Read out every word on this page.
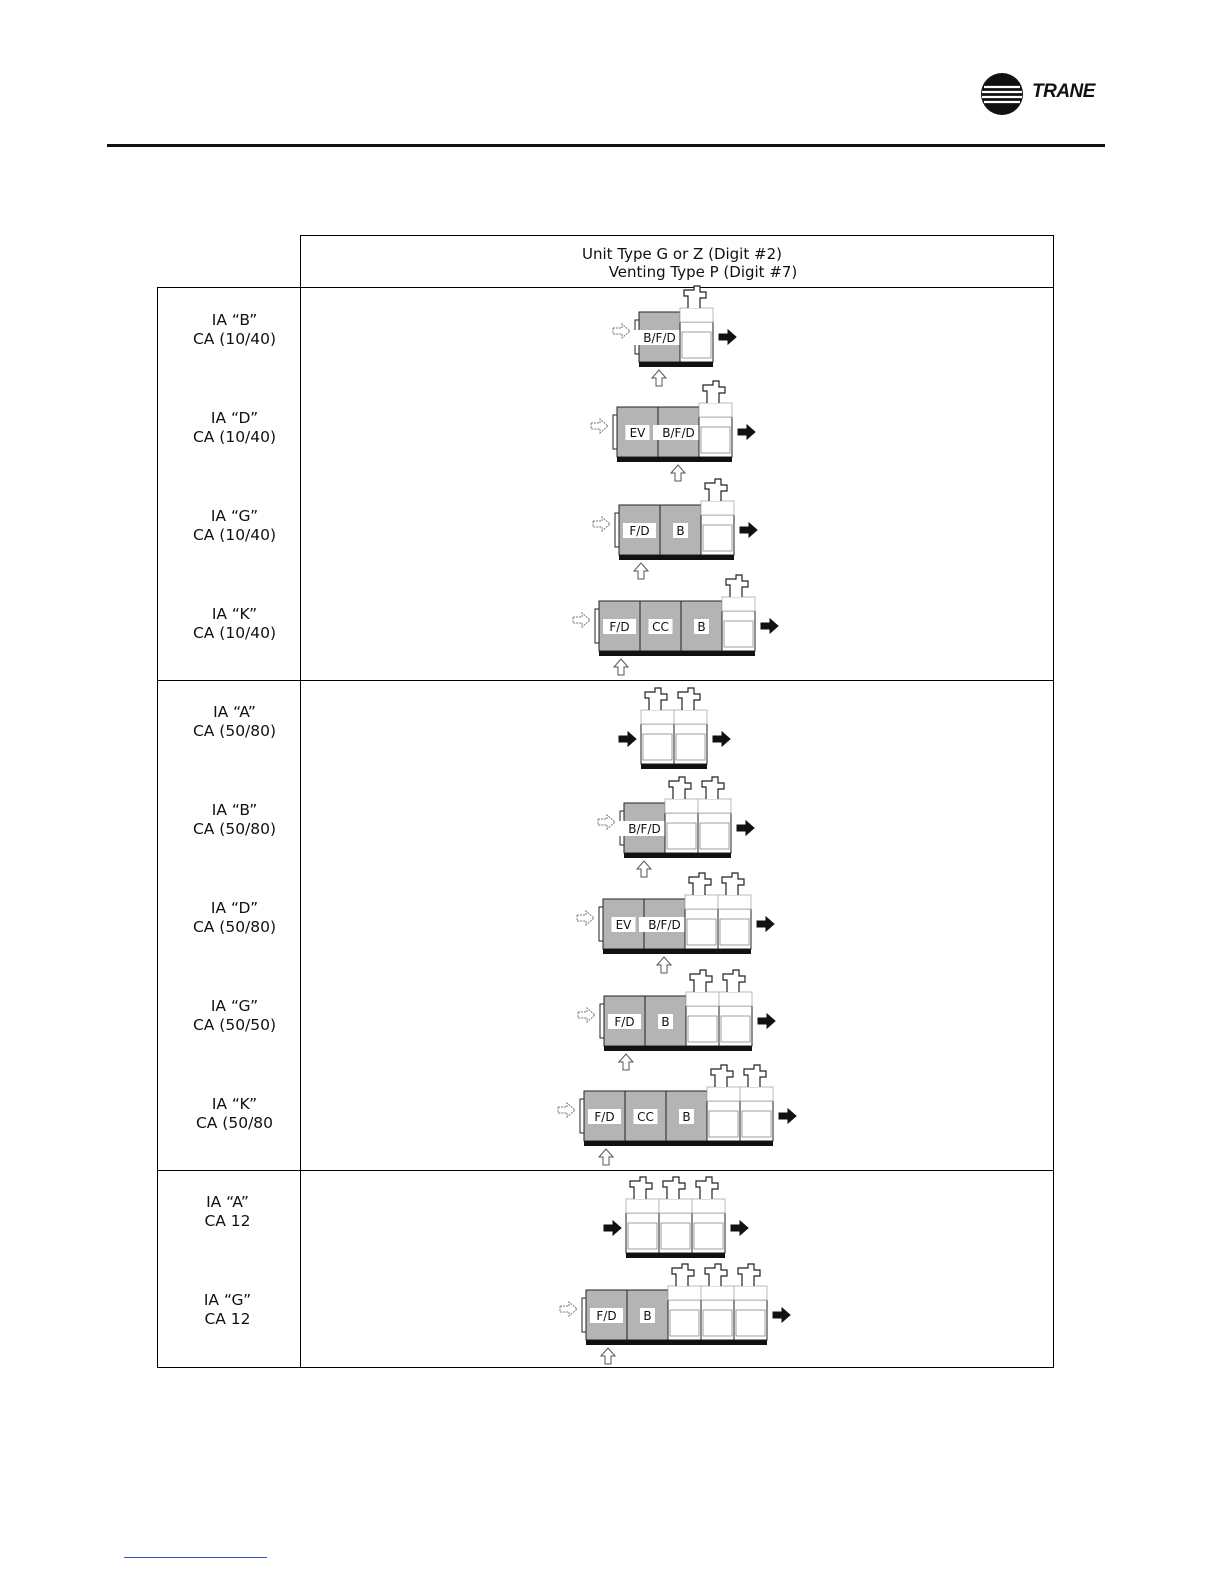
TRANE
Unit Type G or Z (Digit #2)
Venting Type P (Digit #7)
IA “B”
CA (10/40)
IA “D”
CA (10/40)
IA “G”
CA (10/40)
IA “K”
CA (10/40)
IA “A”
CA (50/80)
IA “B”
CA (50/80)
IA “D”
CA (50/80)
IA “G”
CA (50/50)
IA “K”
CA (50/80
IA “A”
CA 12
IA “G”
CA 12
B/F/D
EV B/F/D
F/D B
F/D CC B
B/F/D
EV B/F/D
F/D B
F/D CC B
F/D B
